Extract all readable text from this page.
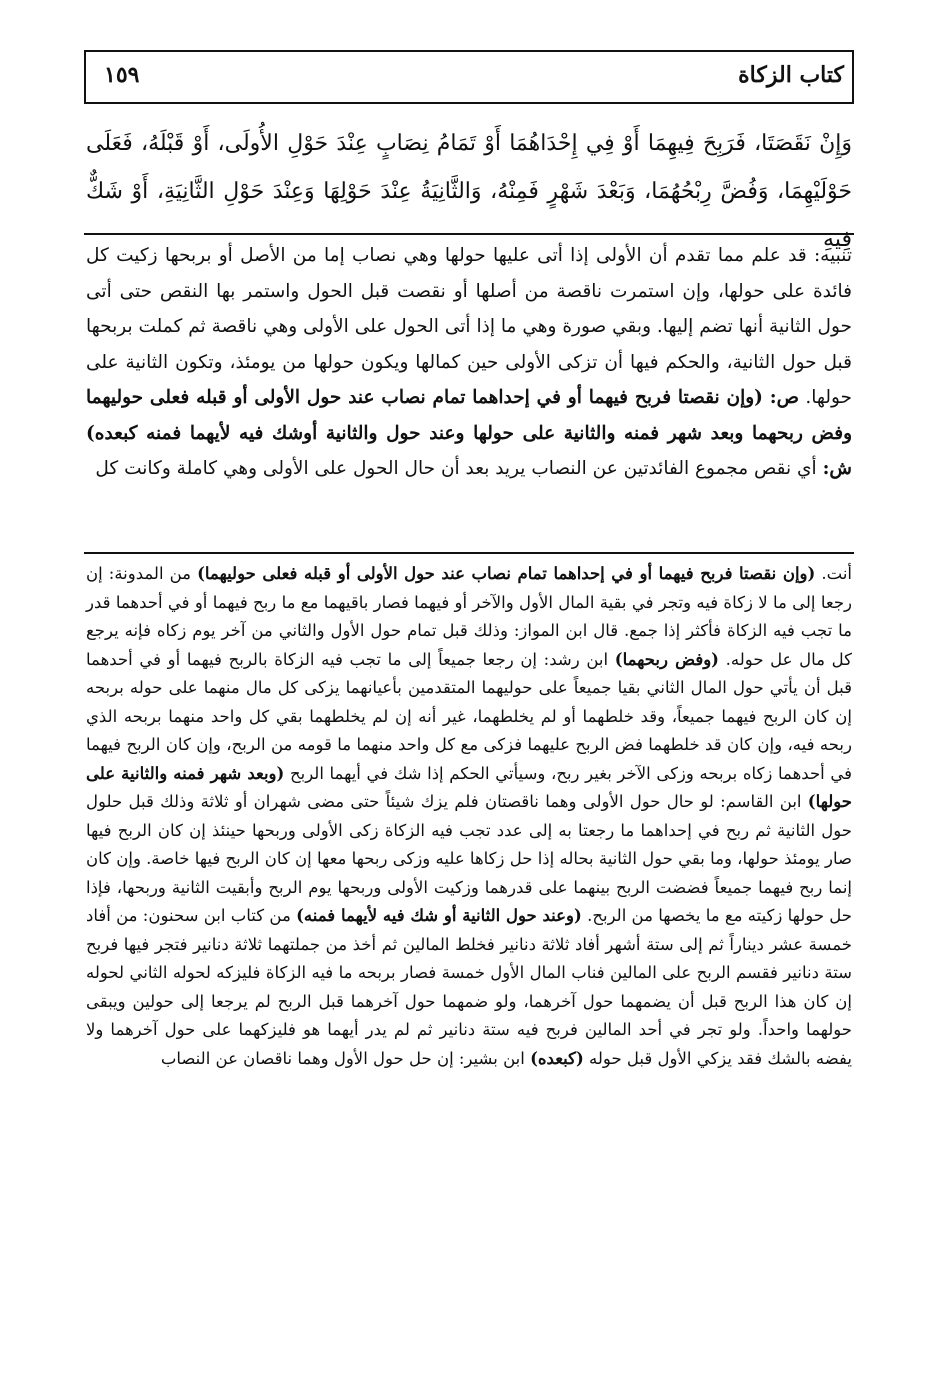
كتاب الزكاة
١٥٩

وَإِنْ نَقَصَتَا، فَرَبِحَ فِيهِمَا أَوْ فِي إِحْدَاهُمَا أَوْ تَمَامُ نِصَابٍ عِنْدَ حَوْلِ الأُولَى، أَوْ قَبْلَهُ، فَعَلَى حَوْلَيْهِمَا، وَفُضَّ رِبْحُهُمَا، وَبَعْدَ شَهْرٍ فَمِنْهُ، وَالثَّانِيَةُ عِنْدَ حَوْلِهَا وَعِنْدَ حَوْلِ الثَّانِيَةِ، أَوْ شَكٌّ فِيهِ

تنبيه: قد علم مما تقدم أن الأولى إذا أتى عليها حولها وهي نصاب إما من الأصل أو بربحها زكيت كل فائدة على حولها، وإن استمرت ناقصة من أصلها أو نقصت قبل الحول واستمر بها النقص حتى أتى حول الثانية أنها تضم إليها. وبقي صورة وهي ما إذا أتى الحول على الأولى وهي ناقصة ثم كملت بربحها قبل حول الثانية، والحكم فيها أن تزكى الأولى حين كمالها ويكون حولها من يومئذ، وتكون الثانية على حولها. ص: (وإن نقصتا فربح فيهما أو في إحداهما تمام نصاب عند حول الأولى أو قبله فعلى حوليهما وفض ربحهما وبعد شهر فمنه والثانية على حولها وعند حول والثانية أوشك فيه لأيهما فمنه كبعده) ش: أي نقص مجموع الفائدتين عن النصاب يريد بعد أن حال الحول على الأولى وهي كاملة وكانت كل

أنت. (وإن نقصتا فربح فيهما أو في إحداهما تمام نصاب عند حول الأولى أو قبله فعلى حوليهما) من المدونة: إن رجعا إلى ما لا زكاة فيه وتجر في بقية المال الأول والآخر أو فيهما فصار باقيهما مع ما ربح فيهما أو في أحدهما قدر ما تجب فيه الزكاة فأكثر إذا جمع. قال ابن المواز: وذلك قبل تمام حول الأول والثاني من آخر يوم زكاه فإنه يرجع كل مال عل حوله. (وفض ربحهما) ابن رشد: إن رجعا جميعاً إلى ما تجب فيه الزكاة بالربح فيهما أو في أحدهما قبل أن يأتي حول المال الثاني بقيا جميعاً على حوليهما المتقدمين بأعيانهما يزكى كل مال منهما على حوله بربحه إن كان الربح فيهما جميعاً، وقد خلطهما أو لم يخلطهما، غير أنه إن لم يخلطهما بقي كل واحد منهما بربحه الذي ربحه فيه، وإن كان قد خلطهما فض الربح عليهما فزكى مع كل واحد منهما ما قومه من الربح، وإن كان الربح فيهما في أحدهما زكاه بربحه وزكى الآخر بغير ربح، وسيأتي الحكم إذا شك في أيهما الربح (وبعد شهر فمنه والثانية على حولها) ابن القاسم: لو حال حول الأولى وهما ناقصتان فلم يزك شيئاً حتى مضى شهران أو ثلاثة وذلك قبل حلول حول الثانية ثم ربح في إحداهما ما رجعتا به إلى عدد تجب فيه الزكاة زكى الأولى وربحها حينئذ إن كان الربح فيها صار يومئذ حولها، وما بقي حول الثانية بحاله إذا حل زكاها عليه وزكى ربحها معها إن كان الربح فيها خاصة. وإن كان إنما ربح فيهما جميعاً فضضت الربح بينهما على قدرهما وزكيت الأولى وربحها يوم الربح وأبقيت الثانية وربحها، فإذا حل حولها زكيته مع ما يخصها من الربح. (وعند حول الثانية أو شك فيه لأيهما فمنه) من كتاب ابن سحنون: من أفاد خمسة عشر ديناراً ثم إلى ستة أشهر أفاد ثلاثة دنانير فخلط المالين ثم أخذ من جملتهما ثلاثة دنانير فتجر فيها فربح ستة دنانير فقسم الربح على المالين فناب المال الأول خمسة فصار بربحه ما فيه الزكاة فليزكه لحوله الثاني لحوله إن كان هذا الربح قبل أن يضمهما حول آخرهما، ولو ضمهما حول آخرهما قبل الربح لم يرجعا إلى حولين ويبقى حولهما واحداً. ولو تجر في أحد المالين فربح فيه ستة دنانير ثم لم يدر أيهما هو فليزكهما على حول آخرهما ولا يفضه بالشك فقد يزكي الأول قبل حوله (كبعده) ابن بشير: إن حل حول الأول وهما ناقصان عن النصاب
